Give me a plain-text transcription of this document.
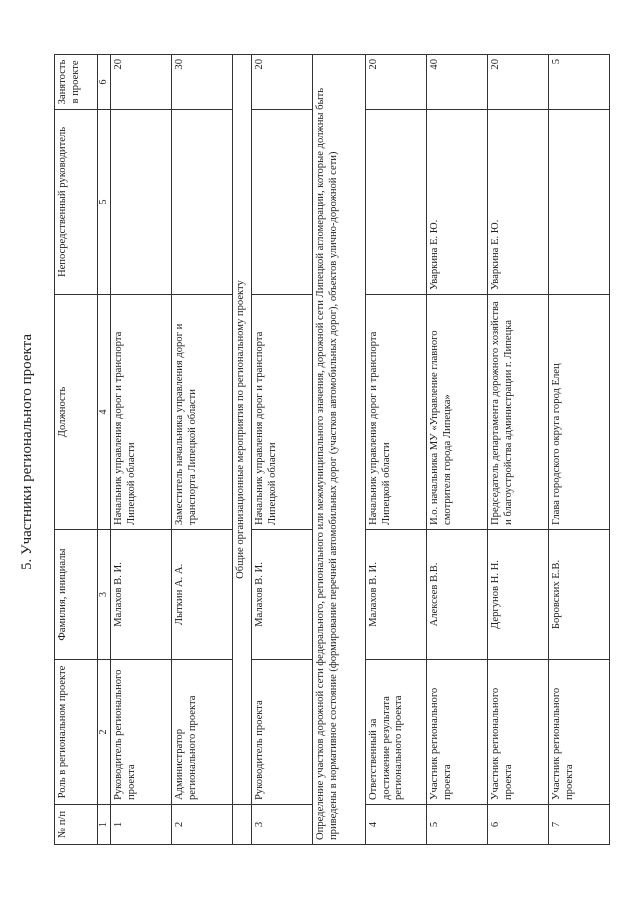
5. Участники регионального проекта
№ п/п	Роль в региональном проекте	Фамилия, инициалы	Должность	Непосредственный руководитель	Занятость в проекте
1	2	3	4	5	6
1	Руководитель регионального проекта	Малахов В. И.	Начальник управления дорог и транспорта Липецкой области		20
2	Администратор регионального проекта	Лыткин А. А.	Заместитель начальника управления дорог и транспорта Липецкой области		30
	Общие организационные мероприятия по региональному проекту				
3	Руководитель проекта	Малахов В. И.	Начальник управления дорог и транспорта Липецкой области		20
Определение участков дорожной сети федерального, регионального или межмуниципального значения, дорожной сети Липецкой агломерации, которые должны быть приведены в нормативное состояние (формирование перечней автомобильных дорог (участков автомобильных дорог), объектов улично-дорожной сети)					
4	Ответственный за достижение результата регионального проекта	Малахов В. И.	Начальник управления дорог и транспорта Липецкой области		20
5	Участник регионального проекта	Алексеев В.В.	И.о. начальника МУ «Управление главного смотрителя города Липецка»	Уваркина Е. Ю.	40
6	Участник регионального проекта	Дергунов Н. Н.	Председатель департамента дорожного хозяйства и благоустройства администрации г. Липецка	Уваркина Е. Ю.	20
7	Участник регионального проекта	Боровских Е.В.	Глава городского округа город Елец		5
